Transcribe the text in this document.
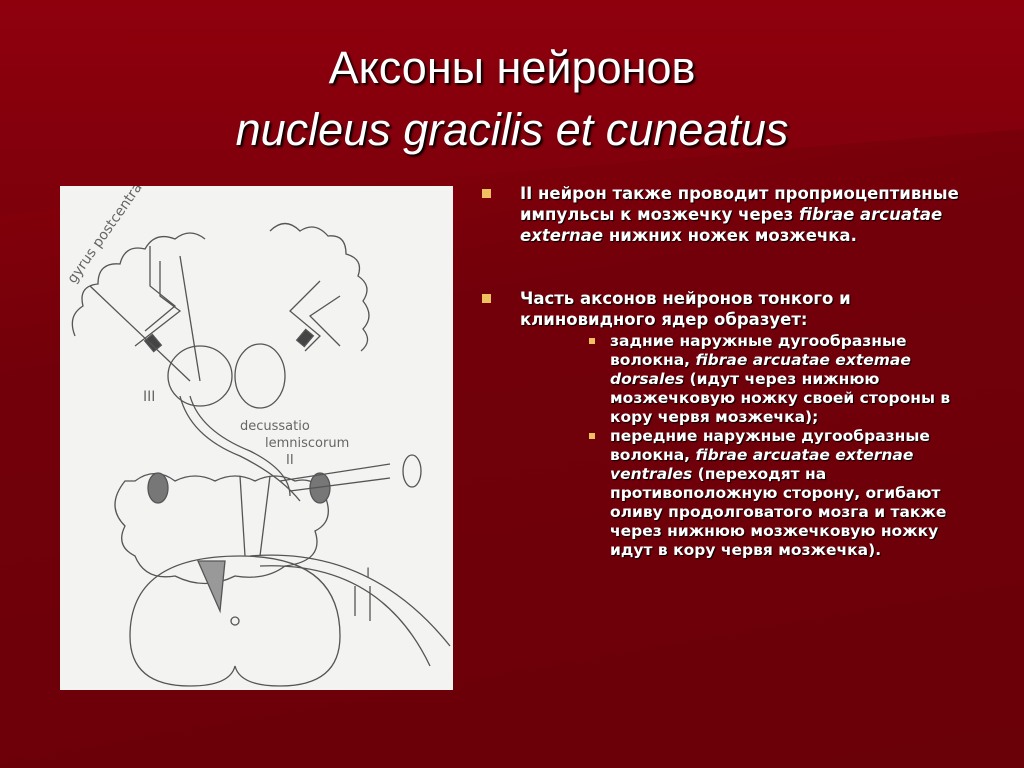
Аксоны нейронов
nucleus gracilis et cuneatus
gyrus postcentralis
decussatio
lemniscorum
III
II
I
II нейрон также проводит проприоцептивные импульсы к мозжечку через fibrae arcuatae externae нижних ножек мозжечка.
Часть аксонов нейронов тонкого и клиновидного ядер образует:
задние наружные дугообразные волокна, fibrae arcuatae extemae dorsales (идут через нижнюю мозжечковую ножку своей стороны в кору червя мозжечка);
передние наружные дугообразные волокна, fibrae arcuatae externae ventrales (переходят на противоположную сторону, огибают оливу продолговатого мозга и также через нижнюю мозжечковую ножку идут в кору червя мозжечка).
